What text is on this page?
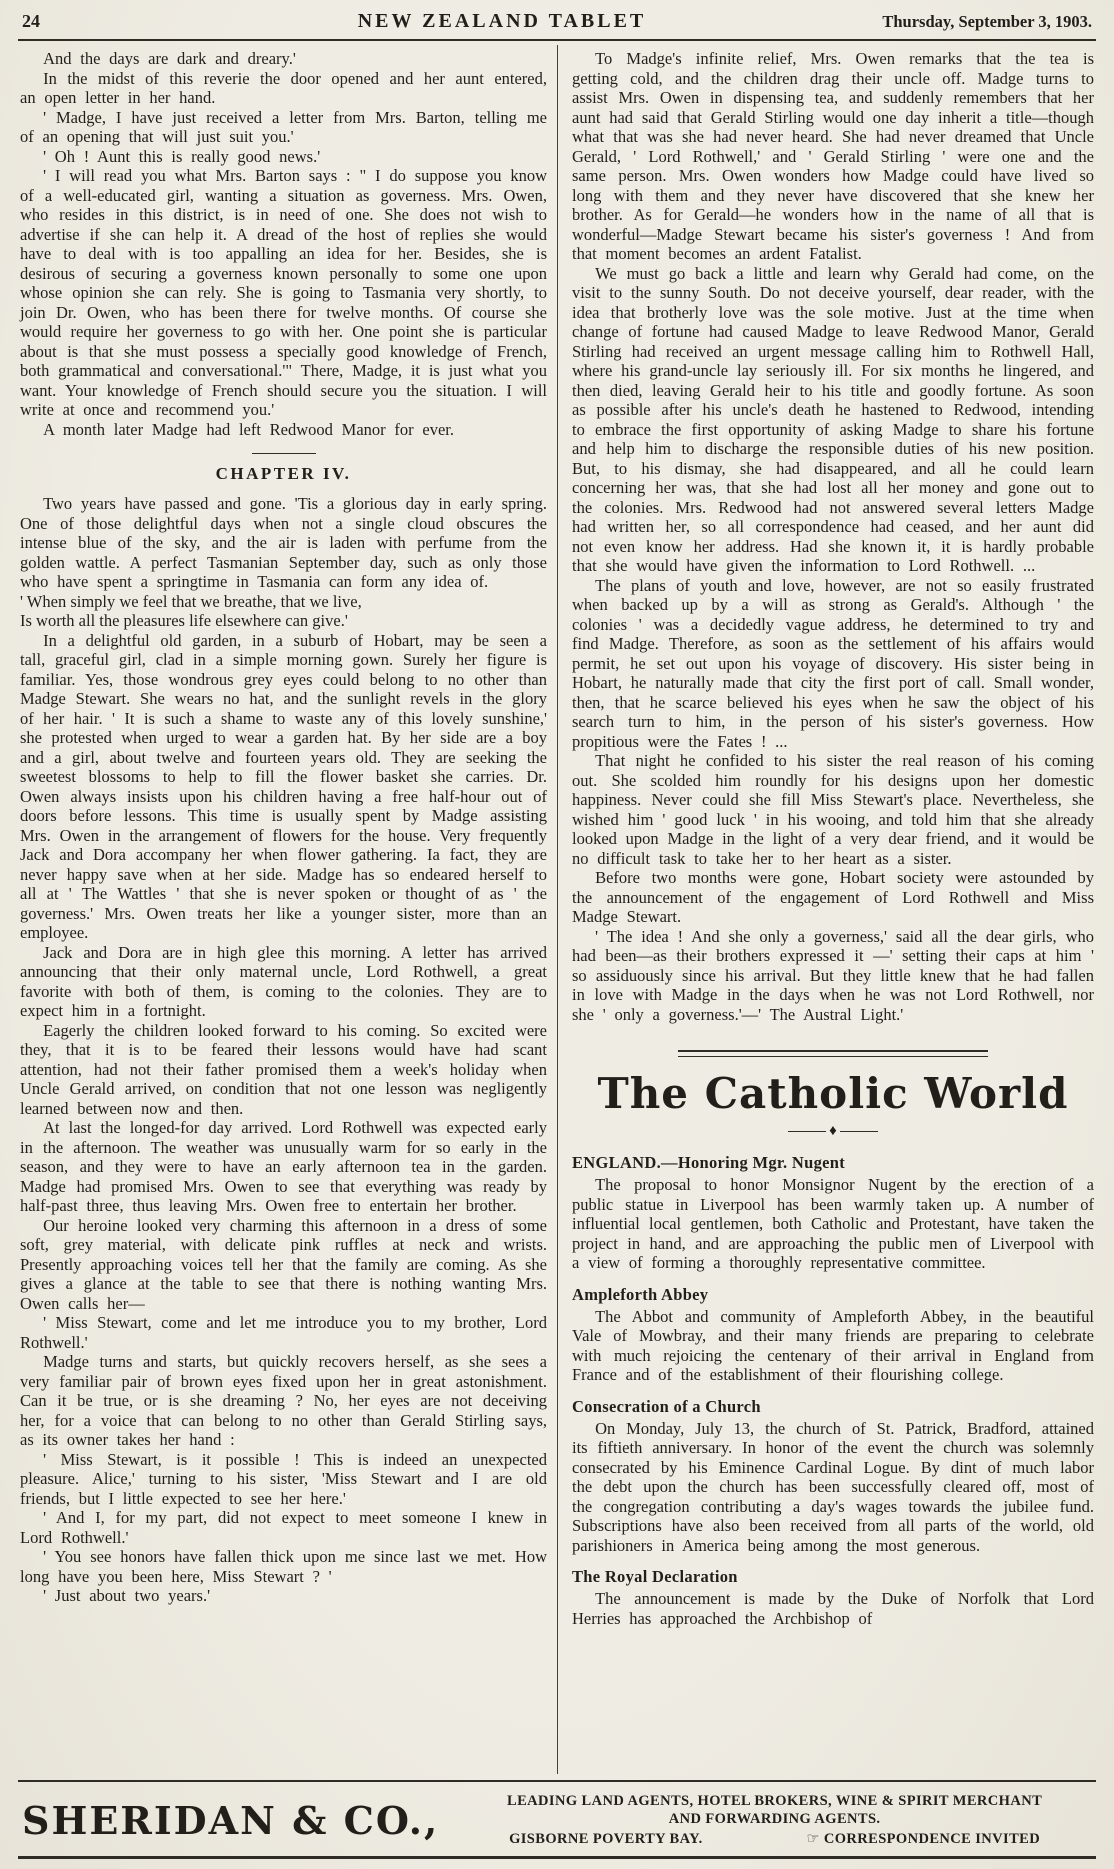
24	NEW ZEALAND TABLET	Thursday, September 3, 1903.

And the days are dark and dreary.'

In the midst of this reverie the door opened and her aunt entered, an open letter in her hand.

' Madge, I have just received a letter from Mrs. Barton, telling me of an opening that will just suit you.'

' Oh ! Aunt this is really good news.'

' I will read you what Mrs. Barton says : " I do suppose you know of a well-educated girl, wanting a situation as governess. Mrs. Owen, who resides in this district, is in need of one. She does not wish to advertise if she can help it. A dread of the host of replies she would have to deal with is too appalling an idea for her. Besides, she is desirous of securing a governess known personally to some one upon whose opinion she can rely. She is going to Tasmania very shortly, to join Dr. Owen, who has been there for twelve months. Of course she would require her governess to go with her. One point she is particular about is that she must possess a specially good knowledge of French, both grammatical and conversational.'" There, Madge, it is just what you want. Your knowledge of French should secure you the situation. I will write at once and recommend you.'

A month later Madge had left Redwood Manor for ever.

CHAPTER IV.

Two years have passed and gone. 'Tis a glorious day in early spring. One of those delightful days when not a single cloud obscures the intense blue of the sky, and the air is laden with perfume from the golden wattle. A perfect Tasmanian September day, such as only those who have spent a springtime in Tasmania can form any idea of.

' When simply we feel that we breathe, that we live,

Is worth all the pleasures life elsewhere can give.'

In a delightful old garden, in a suburb of Hobart, may be seen a tall, graceful girl, clad in a simple morning gown. Surely her figure is familiar. Yes, those wondrous grey eyes could belong to no other than Madge Stewart. She wears no hat, and the sunlight revels in the glory of her hair. ' It is such a shame to waste any of this lovely sunshine,' she protested when urged to wear a garden hat. By her side are a boy and a girl, about twelve and fourteen years old. They are seeking the sweetest blossoms to help to fill the flower basket she carries. Dr. Owen always insists upon his children having a free half-hour out of doors before lessons. This time is usually spent by Madge assisting Mrs. Owen in the arrangement of flowers for the house. Very frequently Jack and Dora accompany her when flower gathering. Ia fact, they are never happy save when at her side. Madge has so endeared herself to all at ' The Wattles ' that she is never spoken or thought of as ' the governess.' Mrs. Owen treats her like a younger sister, more than an employee.

Jack and Dora are in high glee this morning. A letter has arrived announcing that their only maternal uncle, Lord Rothwell, a great favorite with both of them, is coming to the colonies. They are to expect him in a fortnight.

Eagerly the children looked forward to his coming. So excited were they, that it is to be feared their lessons would have had scant attention, had not their father promised them a week's holiday when Uncle Gerald arrived, on condition that not one lesson was negligently learned between now and then.

At last the longed-for day arrived. Lord Rothwell was expected early in the afternoon. The weather was unusually warm for so early in the season, and they were to have an early afternoon tea in the garden. Madge had promised Mrs. Owen to see that everything was ready by half-past three, thus leaving Mrs. Owen free to entertain her brother.

Our heroine looked very charming this afternoon in a dress of some soft, grey material, with delicate pink ruffles at neck and wrists. Presently approaching voices tell her that the family are coming. As she gives a glance at the table to see that there is nothing wanting Mrs. Owen calls her—

' Miss Stewart, come and let me introduce you to my brother, Lord Rothwell.'

Madge turns and starts, but quickly recovers herself, as she sees a very familiar pair of brown eyes fixed upon her in great astonishment. Can it be true, or is she dreaming ? No, her eyes are not deceiving her, for a voice that can belong to no other than Gerald Stirling says, as its owner takes her hand :

' Miss Stewart, is it possible ! This is indeed an unexpected pleasure. Alice,' turning to his sister, 'Miss Stewart and I are old friends, but I little expected to see her here.'

' And I, for my part, did not expect to meet someone I knew in Lord Rothwell.'

' You see honors have fallen thick upon me since last we met. How long have you been here, Miss Stewart ? '

' Just about two years.'

To Madge's infinite relief, Mrs. Owen remarks that the tea is getting cold, and the children drag their uncle off. Madge turns to assist Mrs. Owen in dispensing tea, and suddenly remembers that her aunt had said that Gerald Stirling would one day inherit a title—though what that was she had never heard. She had never dreamed that Uncle Gerald, ' Lord Rothwell,' and ' Gerald Stirling ' were one and the same person. Mrs. Owen wonders how Madge could have lived so long with them and they never have discovered that she knew her brother. As for Gerald—he wonders how in the name of all that is wonderful—Madge Stewart became his sister's governess ! And from that moment becomes an ardent Fatalist.

We must go back a little and learn why Gerald had come, on the visit to the sunny South. Do not deceive yourself, dear reader, with the idea that brotherly love was the sole motive. Just at the time when change of fortune had caused Madge to leave Redwood Manor, Gerald Stirling had received an urgent message calling him to Rothwell Hall, where his grand-uncle lay seriously ill. For six months he lingered, and then died, leaving Gerald heir to his title and goodly fortune. As soon as possible after his uncle's death he hastened to Redwood, intending to embrace the first opportunity of asking Madge to share his fortune and help him to discharge the responsible duties of his new position. But, to his dismay, she had disappeared, and all he could learn concerning her was, that she had lost all her money and gone out to the colonies. Mrs. Redwood had not answered several letters Madge had written her, so all correspondence had ceased, and her aunt did not even know her address. Had she known it, it is hardly probable that she would have given the information to Lord Rothwell. ...

The plans of youth and love, however, are not so easily frustrated when backed up by a will as strong as Gerald's. Although ' the colonies ' was a decidedly vague address, he determined to try and find Madge. Therefore, as soon as the settlement of his affairs would permit, he set out upon his voyage of discovery. His sister being in Hobart, he naturally made that city the first port of call. Small wonder, then, that he scarce believed his eyes when he saw the object of his search turn to him, in the person of his sister's governess. How propitious were the Fates ! ...

That night he confided to his sister the real reason of his coming out. She scolded him roundly for his designs upon her domestic happiness. Never could she fill Miss Stewart's place. Nevertheless, she wished him ' good luck ' in his wooing, and told him that she already looked upon Madge in the light of a very dear friend, and it would be no difficult task to take her to her heart as a sister.

Before two months were gone, Hobart society were astounded by the announcement of the engagement of Lord Rothwell and Miss Madge Stewart.

' The idea ! And she only a governess,' said all the dear girls, who had been—as their brothers expressed it —' setting their caps at him ' so assiduously since his arrival. But they little knew that he had fallen in love with Madge in the days when he was not Lord Rothwell, nor she ' only a governess.'—' The Austral Light.'

The Catholic World
♦
ENGLAND.—Honoring Mgr. Nugent

The proposal to honor Monsignor Nugent by the erection of a public statue in Liverpool has been warmly taken up. A number of influential local gentlemen, both Catholic and Protestant, have taken the project in hand, and are approaching the public men of Liverpool with a view of forming a thoroughly representative committee.

Ampleforth Abbey

The Abbot and community of Ampleforth Abbey, in the beautiful Vale of Mowbray, and their many friends are preparing to celebrate with much rejoicing the centenary of their arrival in England from France and of the establishment of their flourishing college.

Consecration of a Church

On Monday, July 13, the church of St. Patrick, Bradford, attained its fiftieth anniversary. In honor of the event the church was solemnly consecrated by his Eminence Cardinal Logue. By dint of much labor the debt upon the church has been successfully cleared off, most of the congregation contributing a day's wages towards the jubilee fund. Subscriptions have also been received from all parts of the world, old parishioners in America being among the most generous.

The Royal Declaration

The announcement is made by the Duke of Norfolk that Lord Herries has approached the Archbishop of

SHERIDAN & CO.,	LEADING LAND AGENTS, HOTEL BROKERS, WINE & SPIRIT MERCHANT
AND FORWARDING AGENTS.
GISBORNE POVERTY BAY.	☞ CORRESPONDENCE INVITED
